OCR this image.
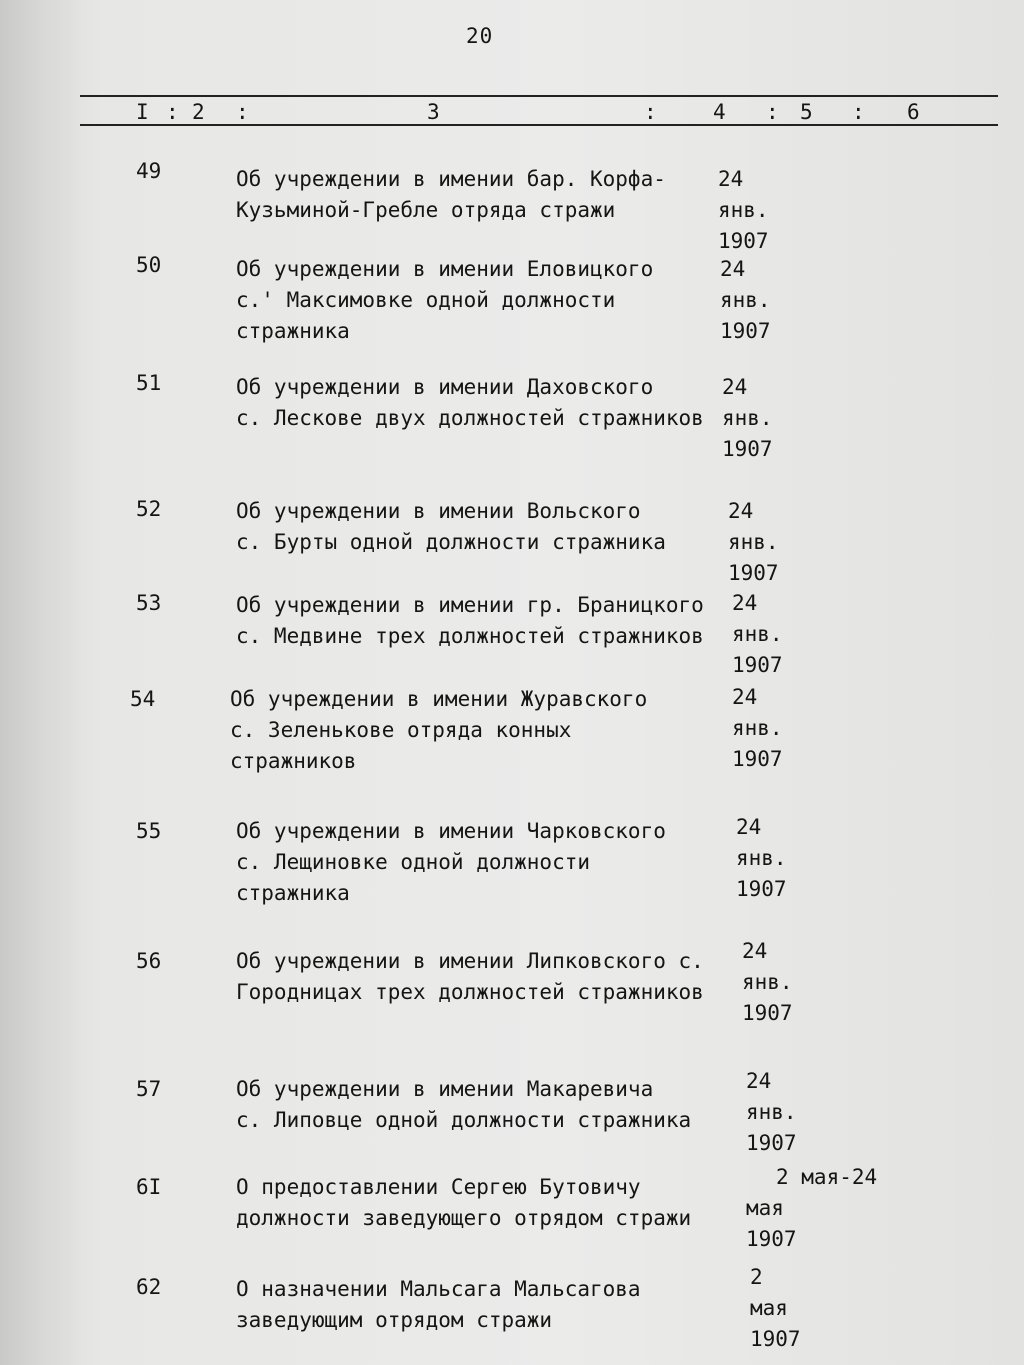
20
I : 2 :	3	:	4 : 5 : 6
49	Об учреждении в имении бар. Корфа-
Кузьминой-Гребле отряда стражи
24 янв.
1907
50	Об учреждении в имении Еловицкого
с.' Максимовке одной должности стражника
24 янв.
1907
51	Об учреждении в имении Даховского
с. Лескове двух должностей стражников
24 янв.
1907
52	Об учреждении в имении Вольского
с. Бурты одной должности стражника
24 янв.
1907
53	Об учреждении в имении гр. Браницкого
с. Медвине трех должностей стражников
24 янв.
1907
54	Об учреждении в имении Журавского
с. Зеленькове отряда конных стражников
24 янв.
1907
55	Об учреждении в имении Чарковского
с. Лещиновке одной должности стражника
24 янв.
1907
56	Об учреждении в имении Липковского с.
Городницах трех должностей стражников
24 янв.
1907
57	Об учреждении в имении Макаревича
с. Липовце одной должности стражника
24 янв.
1907
6I	О предоставлении Сергею Бутовичу должности заведующего отрядом стражи
2 мая-24 мая
1907
62	О назначении Мальсага Мальсагова
заведующим отрядом стражи
2 мая
1907
